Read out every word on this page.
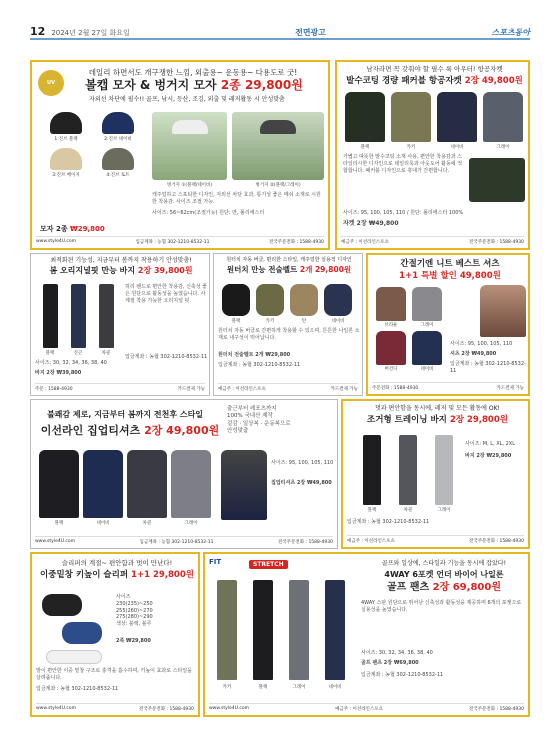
12 2024년 2월 27일 화요일	전면광고	스포츠동아
UV
데일리 하면서도 개구쟁한 느낌, 외출용~ 운동용~ 다용도로 굿!
볼캡 모자 & 벙거지 모자 2종 29,800원
자외선 차단에 필수!! 골프, 낚시, 등산, 조깅, 외출 및 레저활동 시 안성맞춤
1:진브 블랙	2:진브 네이비
3:진브 베이지	4:진브 토트
벙거지 ①(블랙/네이비)	벙거지 ②(블랙/그레이)
캐주얼하고 스포티한 디자인, 자외선 차단 효과, 통기성 좋은 메쉬 소재로 시원한 착용감. 사이즈 조절 가능.
사이즈: 56~62cm(조절가능) 원단: 면, 폴리에스터
모자 2종 ₩29,800
www.style4U.com	입금계좌 : 농협 302-1210-8532-11	전국주문전화 : 1588-4930
남자라면 꼭 갖춰야 할 필수 룩 아우터! 항공자켓
발수코팅 경량 패커블 항공자켓 2장 49,800원
블랙	카키	네이비	그레이
가볍고 따뜻한 발수코팅 소재 사용, 편안한 착용감과 스타일리시한 디자인으로 데일리룩과 아웃도어 활동에 적합합니다. 패커블 디자인으로 휴대가 간편합니다.
사이즈: 95, 100, 105, 110 / 원단: 폴리에스터 100%
자켓 2장 ₩49,800
예금주 : 이선라인스포츠	전국주문전화 : 1588-4930
최적화된 기능성, 지금부터 봄까지 착용하기 안성맞춤!
봄 오리지널핏 만능 바지 2장 39,800원
블랙	진곤	차콜
허리 밴드로 편안한 착용감, 신축성 좋은 원단으로 활동성을 높였습니다. 사계절 착용 가능한 오리지널 핏.
사이즈: 30, 32, 34, 36, 38, 40
바지 2장 ₩39,800
입금계좌 : 농협 302-1210-8532-11
주문 : 1588-4930	카드결제 가능
원터치 자동 버클, 편리한 스타일, 캐주얼한 실용적 디자인
원터치 만능 전술벨트 2개 29,800원
블랙	카키	탄	네이비
원터치 자동 버클로 간편하게 착용할 수 있으며, 튼튼한 나일론 소재로 내구성이 뛰어납니다.
원터치 전술벨트 2개 ₩29,800
입금계좌 : 농협 302-1210-8532-11
예금주 : 이선라인스포츠	카드결제 가능
간절기엔 니트 베스트 셔츠
1+1 특별 할인 49,800원
브라운	그레이
버건디	네이비
사이즈: 95, 100, 105, 110
셔츠 2장 ₩49,800
입금계좌 : 농협 302-1210-8532-11
주문전화 : 1588-4930	카드결제 가능
불쾌감 제로, 지금부터 봄까지 전천후 스타일
이선라인 집업티셔츠 2장 49,800원
출근부터 레포츠까지
100% 국내산 제작
겉감 · 일상복 · 운동복으로
안성맞춤
블랙	네이비	차콜	그레이
사이즈: 95, 100, 105, 110
집업티셔츠 2장 ₩49,800
www.style4U.com	입금계좌 : 농협 302-1210-8532-11	전국주문전화 : 1588-4930
멋과 편안함을 동시에, 레저 및 모든 활동에 OK!
조거형 트레이닝 바지 2장 29,800원
블랙	차콜	그레이
사이즈: M, L, XL, 2XL
바지 2장 ₩29,800
입금계좌 : 농협 302-1210-8532-11
예금주 : 이선라인스포츠	전국주문전화 : 1588-4930
슬리퍼의 계절~ 편안함과 멋이 만난다!
이중밑창 키높이 슬리퍼 1+1 29,800원
사이즈
230(235)~250
255(260)~270
275(280)~290
색상: 블랙, 블루
2족 ₩29,800
발이 편안한 이중 밑창 구조로 충격을 흡수하며, 키높이 효과로 스타일을 살려줍니다.
입금계좌 : 농협 302-1210-8532-11
www.style4U.com	전국주문전화 : 1588-4930
FIT	STRETCH
카키	블랙	그레이	네이비
골프와 일상에, 스타일과 기능을 동시에 잡았다!
4WAY 6포켓 언더 바이어 나일론
골프 팬츠 2장 69,800원
4WAY 스판 원단으로 뛰어난 신축성과 활동성을 제공하며 6개의 포켓으로 실용성을 높였습니다.
사이즈: 30, 32, 34, 36, 38, 40
골프 팬츠 2장 ₩69,800
입금계좌 : 농협 302-1210-8532-11
www.style4U.com	예금주 : 이선라인스포츠	전국주문전화 : 1588-4930
